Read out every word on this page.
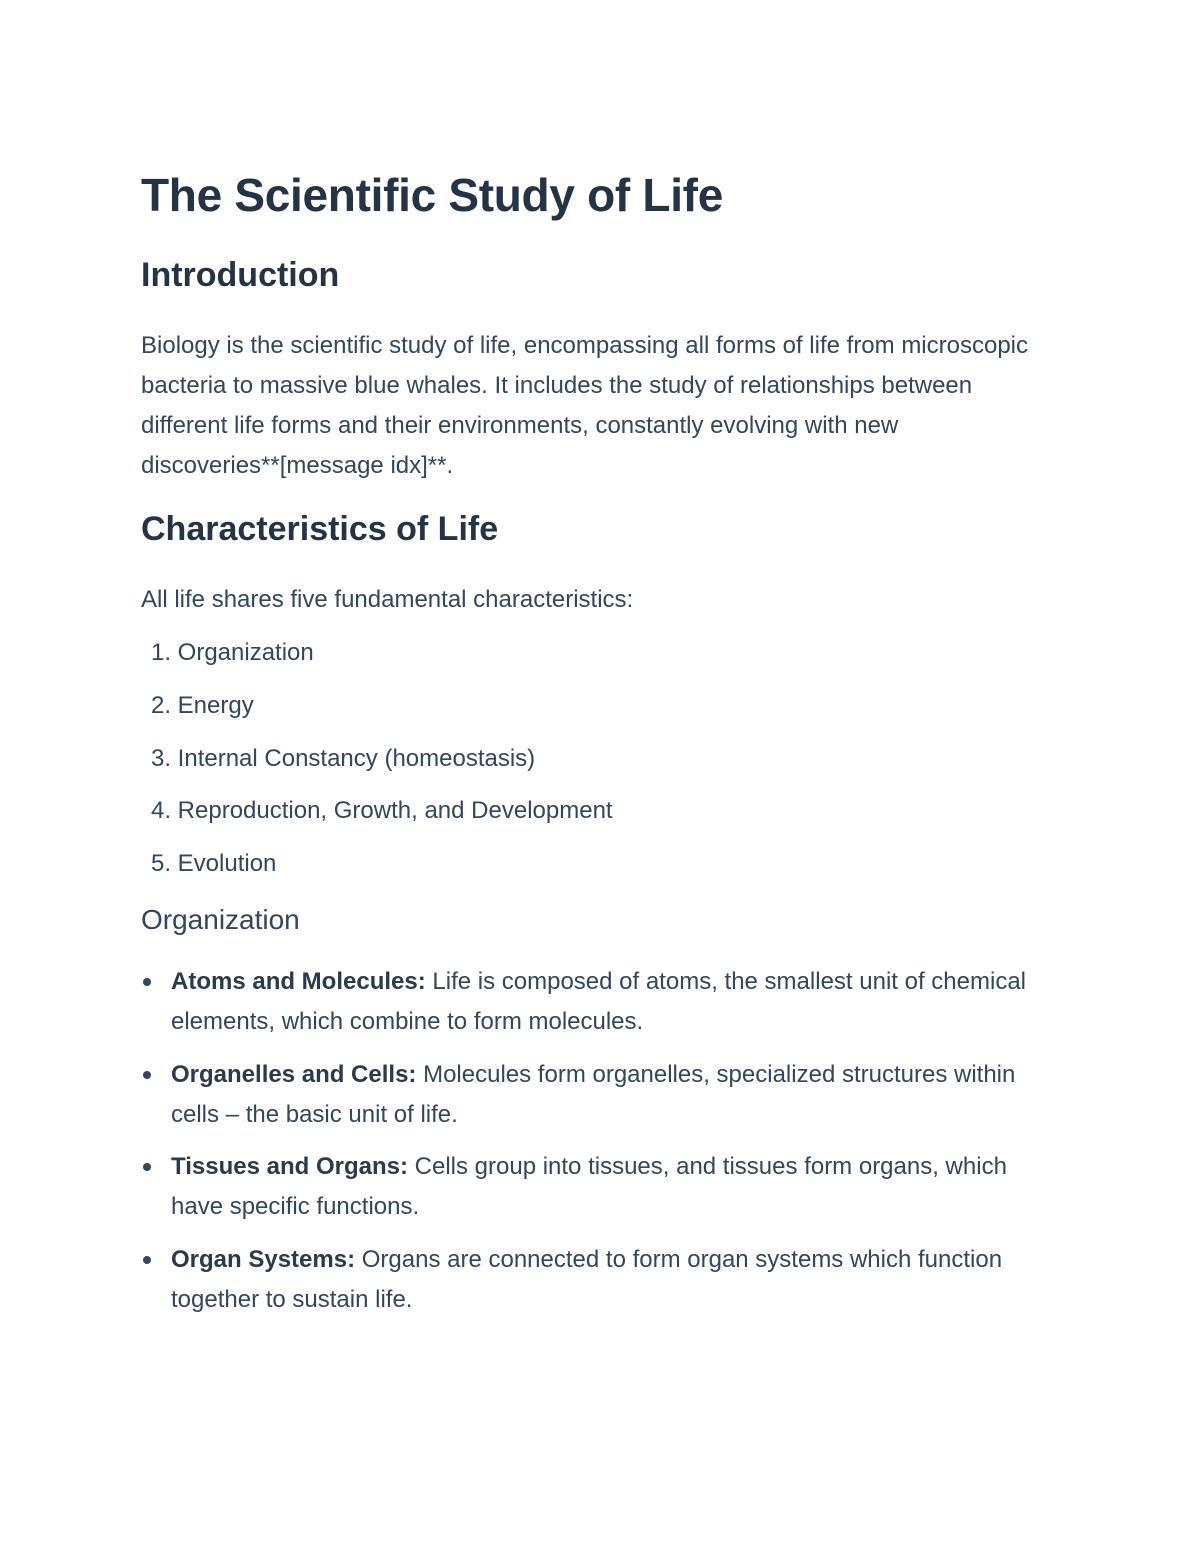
The Scientific Study of Life
Introduction

Biology is the scientific study of life, encompassing all forms of life from microscopic bacteria to massive blue whales. It includes the study of relationships between different life forms and their environments, constantly evolving with new discoveries**[message idx]**.

Characteristics of Life

All life shares five fundamental characteristics:

1. Organization
2. Energy
3. Internal Constancy (homeostasis)
4. Reproduction, Growth, and Development
5. Evolution
Organization
Atoms and Molecules: Life is composed of atoms, the smallest unit of chemical elements, which combine to form molecules.
Organelles and Cells: Molecules form organelles, specialized structures within cells – the basic unit of life.
Tissues and Organs: Cells group into tissues, and tissues form organs, which have specific functions.
Organ Systems: Organs are connected to form organ systems which function together to sustain life.
